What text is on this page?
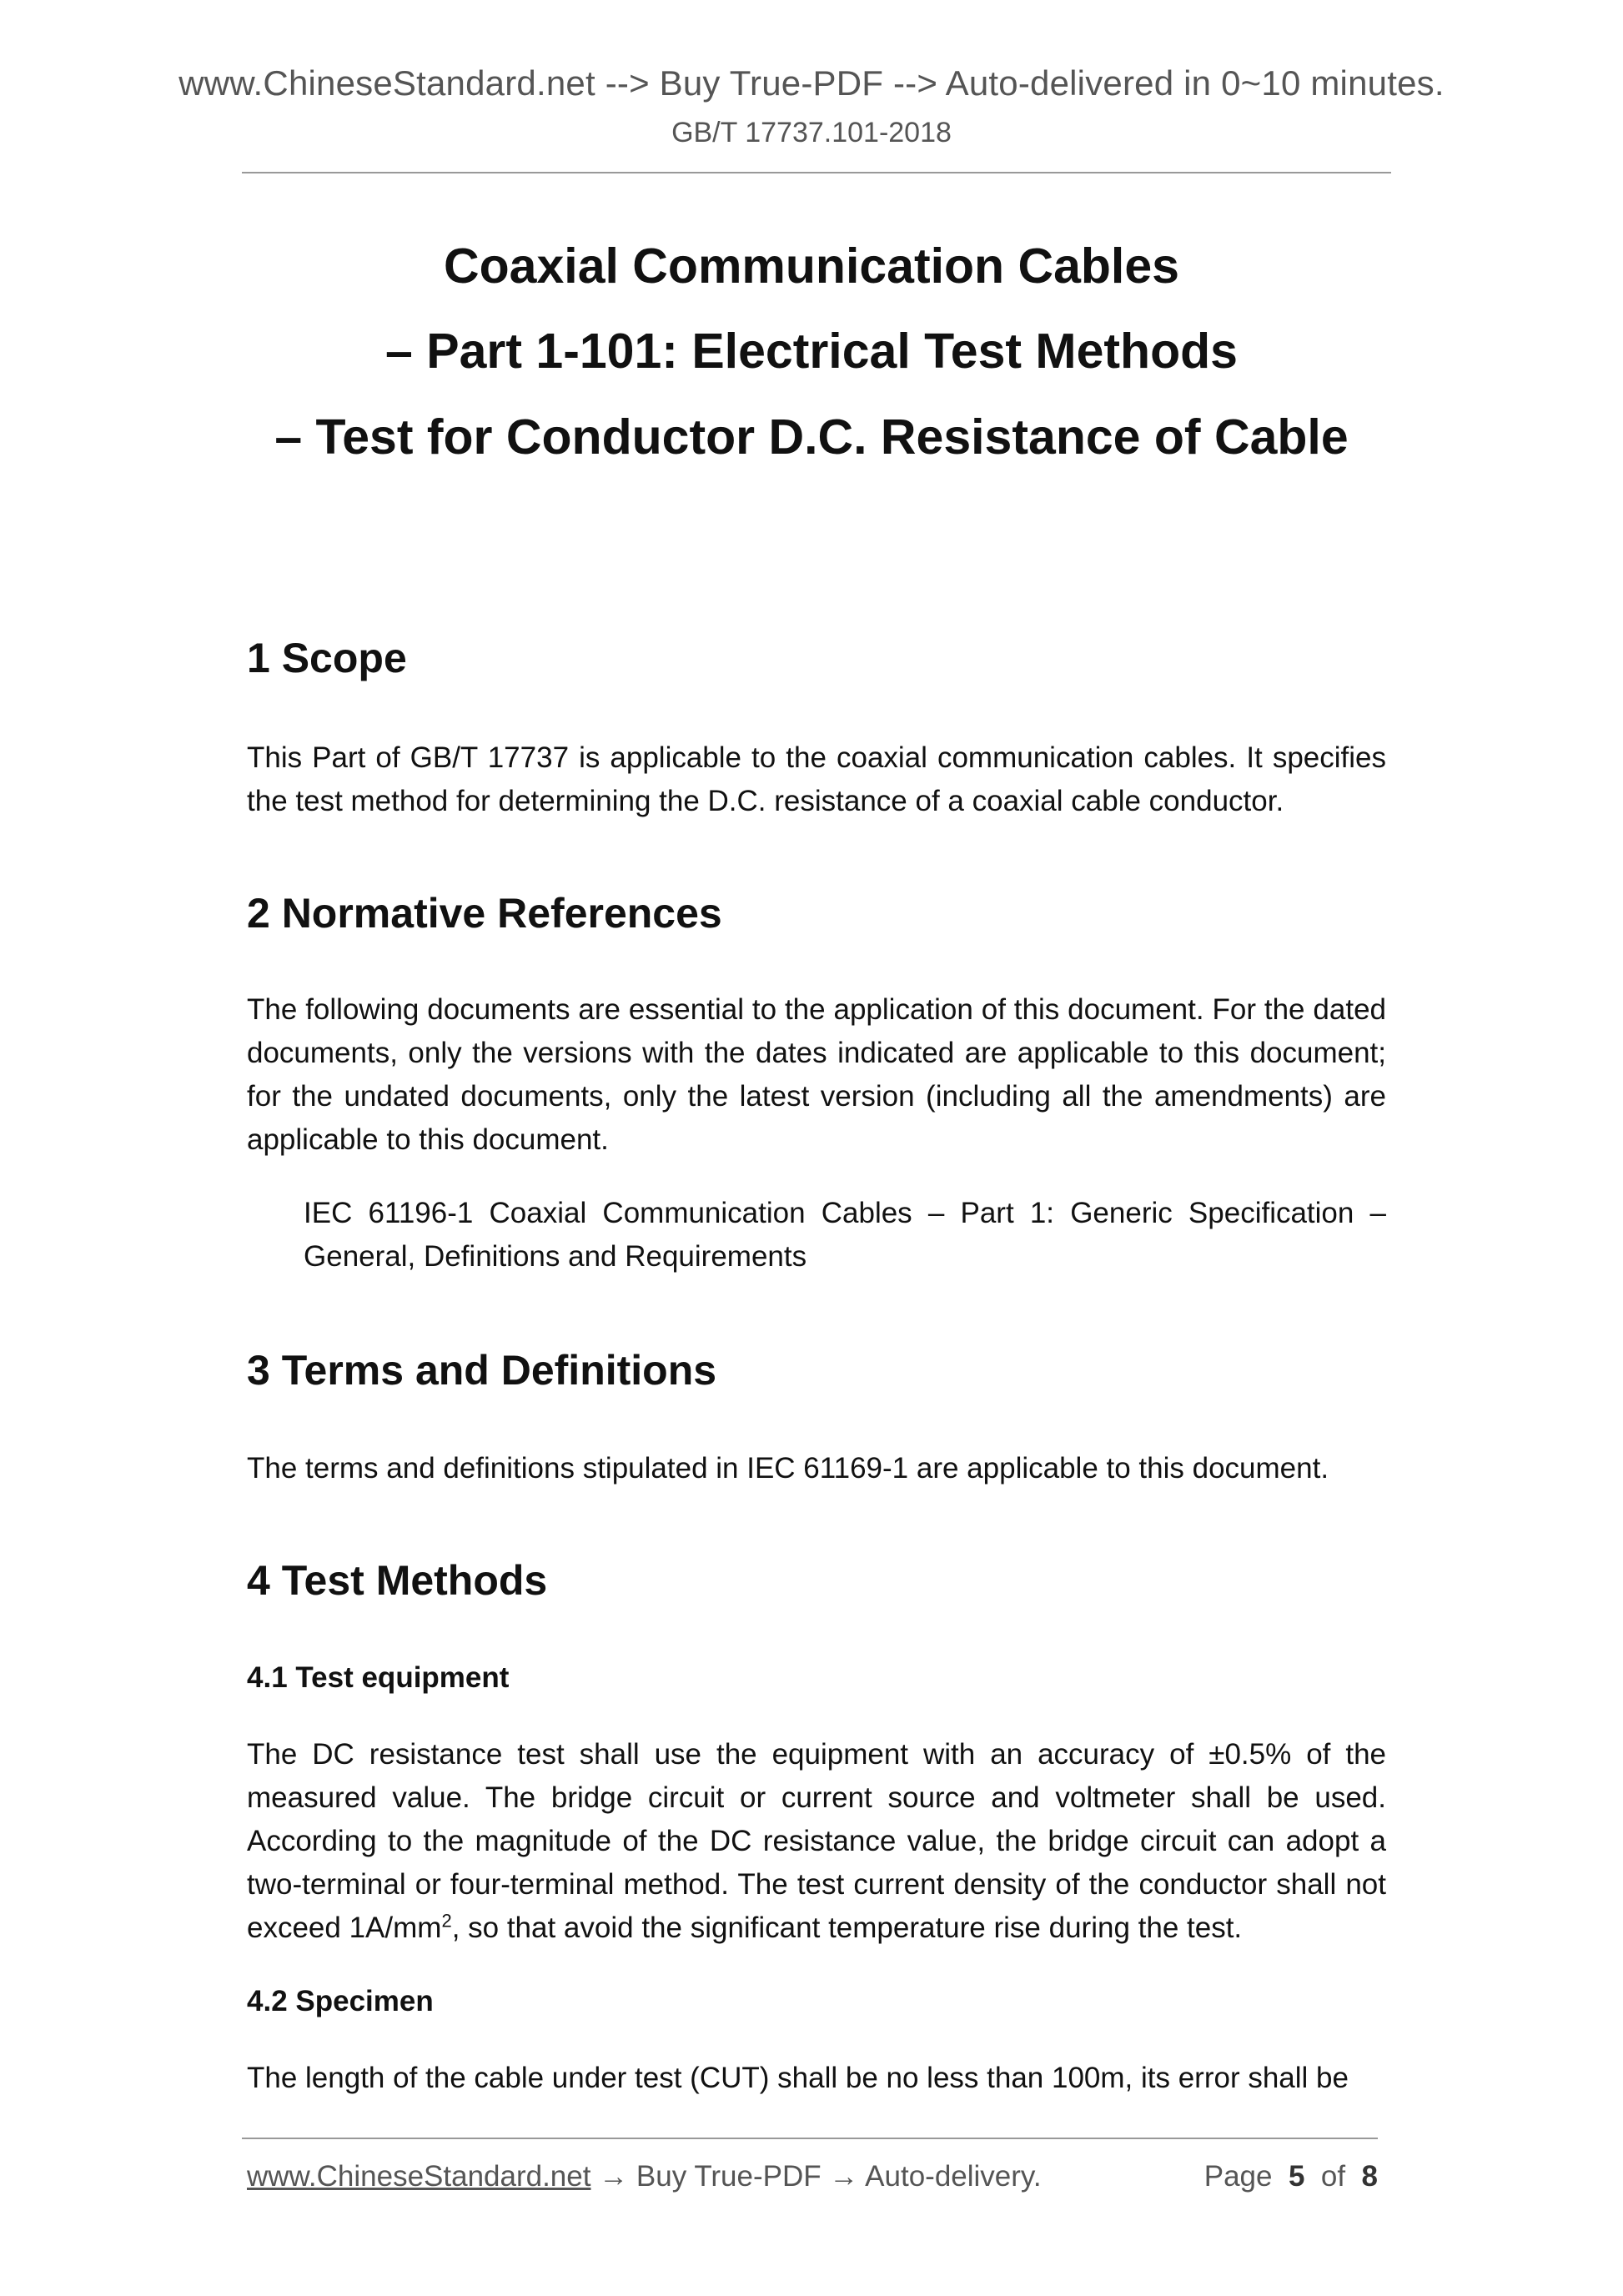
www.ChineseStandard.net --> Buy True-PDF --> Auto-delivered in 0~10 minutes.
GB/T 17737.101-2018
Coaxial Communication Cables
– Part 1-101: Electrical Test Methods
– Test for Conductor D.C. Resistance of Cable
1 Scope
This Part of GB/T 17737 is applicable to the coaxial communication cables. It specifies the test method for determining the D.C. resistance of a coaxial cable conductor.
2 Normative References
The following documents are essential to the application of this document. For the dated documents, only the versions with the dates indicated are applicable to this document; for the undated documents, only the latest version (including all the amendments) are applicable to this document.
IEC 61196-1 Coaxial Communication Cables – Part 1: Generic Specification – General, Definitions and Requirements
3 Terms and Definitions
The terms and definitions stipulated in IEC 61169-1 are applicable to this document.
4 Test Methods
4.1 Test equipment
The DC resistance test shall use the equipment with an accuracy of ±0.5% of the measured value. The bridge circuit or current source and voltmeter shall be used. According to the magnitude of the DC resistance value, the bridge circuit can adopt a two-terminal or four-terminal method. The test current density of the conductor shall not exceed $1A/mm^2$, so that avoid the significant temperature rise during the test.
4.2 Specimen
The length of the cable under test (CUT) shall be no less than 100m, its error shall be
www.ChineseStandard.net → Buy True-PDF → Auto-delivery.	Page 5 of 8
